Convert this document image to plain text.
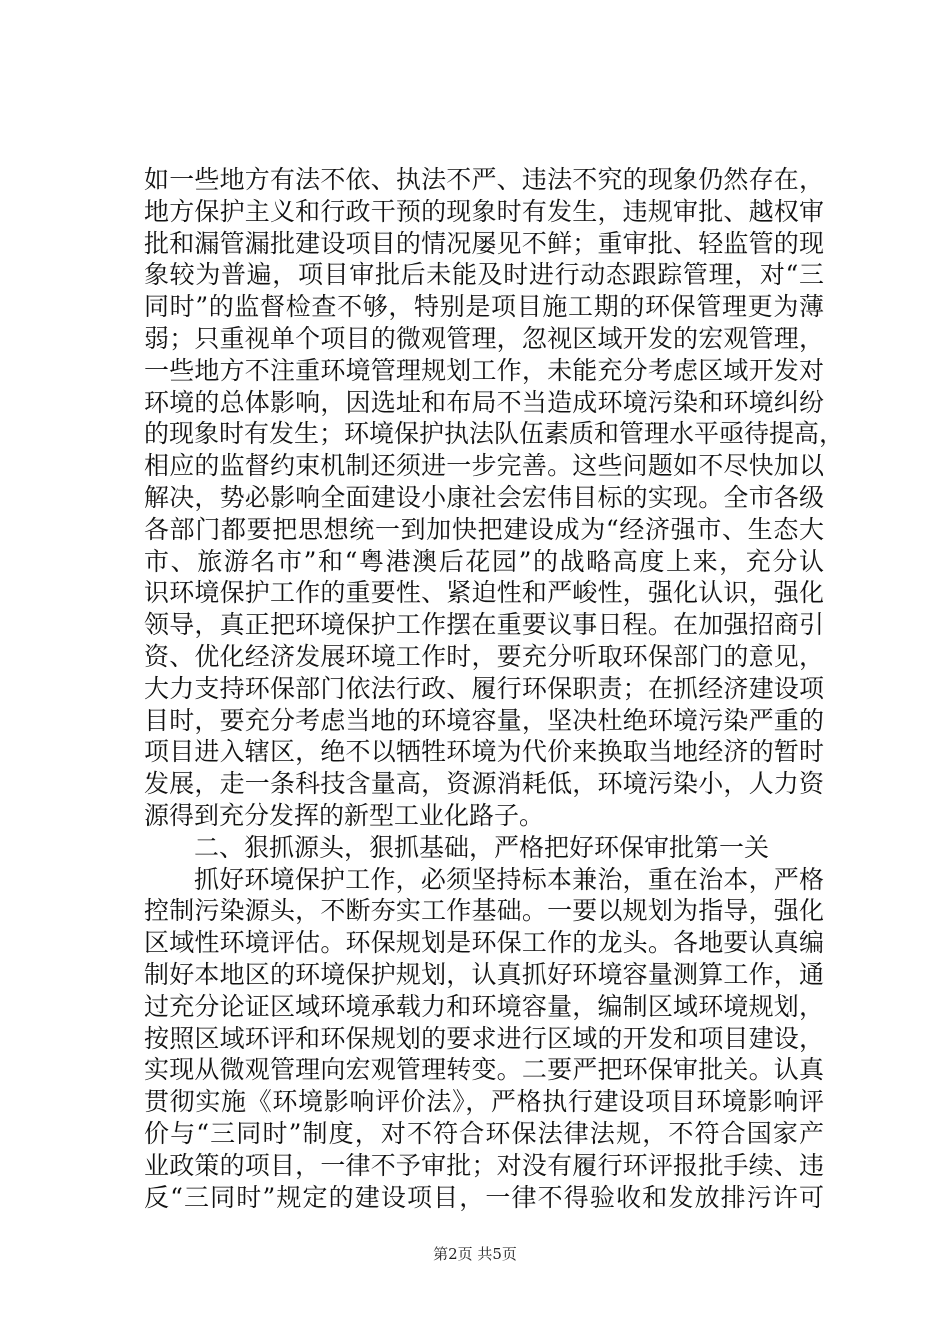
如一些地方有法不依、执法不严、违法不究的现象仍然存在，
地方保护主义和行政干预的现象时有发生，违规审批、越权审
批和漏管漏批建设项目的情况屡见不鲜；重审批、轻监管的现
象较为普遍，项目审批后未能及时进行动态跟踪管理，对“三
同时”的监督检查不够，特别是项目施工期的环保管理更为薄
弱；只重视单个项目的微观管理，忽视区域开发的宏观管理，
一些地方不注重环境管理规划工作，未能充分考虑区域开发对
环境的总体影响，因选址和布局不当造成环境污染和环境纠纷
的现象时有发生；环境保护执法队伍素质和管理水平亟待提高，
相应的监督约束机制还须进一步完善。这些问题如不尽快加以
解决，势必影响全面建设小康社会宏伟目标的实现。全市各级
各部门都要把思想统一到加快把建设成为“经济强市、生态大
市、旅游名市”和“粤港澳后花园”的战略高度上来，充分认
识环境保护工作的重要性、紧迫性和严峻性，强化认识，强化
领导，真正把环境保护工作摆在重要议事日程。在加强招商引
资、优化经济发展环境工作时，要充分听取环保部门的意见，
大力支持环保部门依法行政、履行环保职责；在抓经济建设项
目时，要充分考虑当地的环境容量，坚决杜绝环境污染严重的
项目进入辖区，绝不以牺牲环境为代价来换取当地经济的暂时
发展，走一条科技含量高，资源消耗低，环境污染小，人力资
源得到充分发挥的新型工业化路子。
二、狠抓源头，狠抓基础，严格把好环保审批第一关
抓好环境保护工作，必须坚持标本兼治，重在治本，严格
控制污染源头，不断夯实工作基础。一要以规划为指导，强化
区域性环境评估。环保规划是环保工作的龙头。各地要认真编
制好本地区的环境保护规划，认真抓好环境容量测算工作，通
过充分论证区域环境承载力和环境容量，编制区域环境规划，
按照区域环评和环保规划的要求进行区域的开发和项目建设，
实现从微观管理向宏观管理转变。二要严把环保审批关。认真
贯彻实施《环境影响评价法》，严格执行建设项目环境影响评
价与“三同时”制度，对不符合环保法律法规，不符合国家产
业政策的项目，一律不予审批；对没有履行环评报批手续、违
反“三同时”规定的建设项目，一律不得验收和发放排污许可
第2页 共5页
